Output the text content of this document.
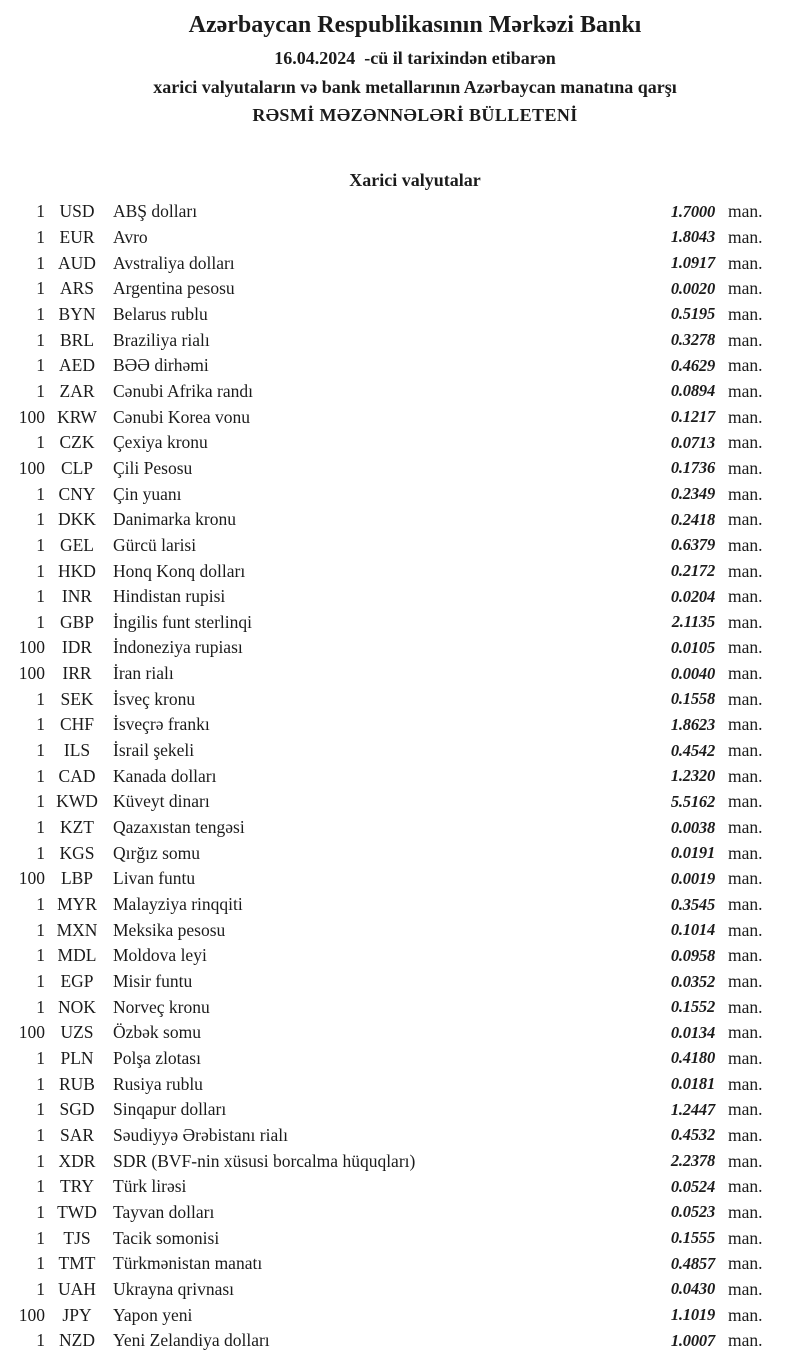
Azərbaycan Respublikasının Mərkəzi Bankı
16.04.2024  -cü il tarixindən etibarən
xarici valyutaların və bank metallarının Azərbaycan manatına qarşı
RƏSMİ MƏZƏNNƏLƏRİ BÜLLETENİ
Xarici valyutalar
1 USD	ABŞ dolları	1.7000 man.
1 EUR	Avro	1.8043 man.
1 AUD Avstraliya dolları	1.0917 man.
1 ARS	Argentina pesosu	0.0020 man.
1 BYN	Belarus rublu	0.5195 man.
1 BRL	Braziliya rialı	0.3278 man.
1 AED	BƏƏ dirhəmi	0.4629 man.
1 ZAR	Cənubi Afrika randı	0.0894 man.
100 KRW Cənubi Korea vonu	0.1217 man.
1 CZK	Çexiya kronu	0.0713 man.
100 CLP	Çili Pesosu	0.1736 man.
1 CNY	Çin yuanı	0.2349 man.
1 DKK Danimarka kronu	0.2418 man.
1 GEL	Gürcü larisi	0.6379 man.
1 HKD Honq Konq dolları	0.2172 man.
1 INR	Hindistan rupisi	0.0204 man.
1 GBP	İngilis funt sterlinqi	2.1135 man.
100 IDR	İndoneziya rupiası	0.0105 man.
100 IRR	İran rialı	0.0040 man.
1 SEK	İsveç kronu	0.1558 man.
1 CHF	İsveçrə frankı	1.8623 man.
1	ILS	İsrail şekeli	0.4542 man.
1 CAD	Kanada dolları	1.2320 man.
1 KWD Küveyt dinarı	5.5162 man.
1 KZT	Qazaxıstan tengəsi	0.0038 man.
1 KGS	Qırğız somu	0.0191 man.
100 LBP	Livan funtu	0.0019 man.
1 MYR Malayziya rinqqiti	0.3545 man.
1 MXN Meksika pesosu	0.1014 man.
1 MDL Moldova leyi	0.0958 man.
1 EGP	Misir funtu	0.0352 man.
1 NOK Norveç kronu	0.1552 man.
100 UZS	Özbək somu	0.0134 man.
1 PLN	Polşa zlotası	0.4180 man.
1 RUB	Rusiya rublu	0.0181 man.
1 SGD	Sinqapur dolları	1.2447 man.
1 SAR	Səudiyyə Ərəbistanı rialı	0.4532 man.
1 XDR	SDR (BVF-nin xüsusi borcalma hüquqları)	2.2378 man.
1 TRY	Türk lirəsi	0.0524 man.
1 TWD Tayvan dolları	0.0523 man.
1	TJS	Tacik somonisi	0.1555 man.
1 TMT	Türkmənistan manatı	0.4857 man.
1 UAH Ukrayna qrivnası	0.0430 man.
100 JPY	Yapon yeni	1.1019 man.
1 NZD	Yeni Zelandiya dolları	1.0007 man.
